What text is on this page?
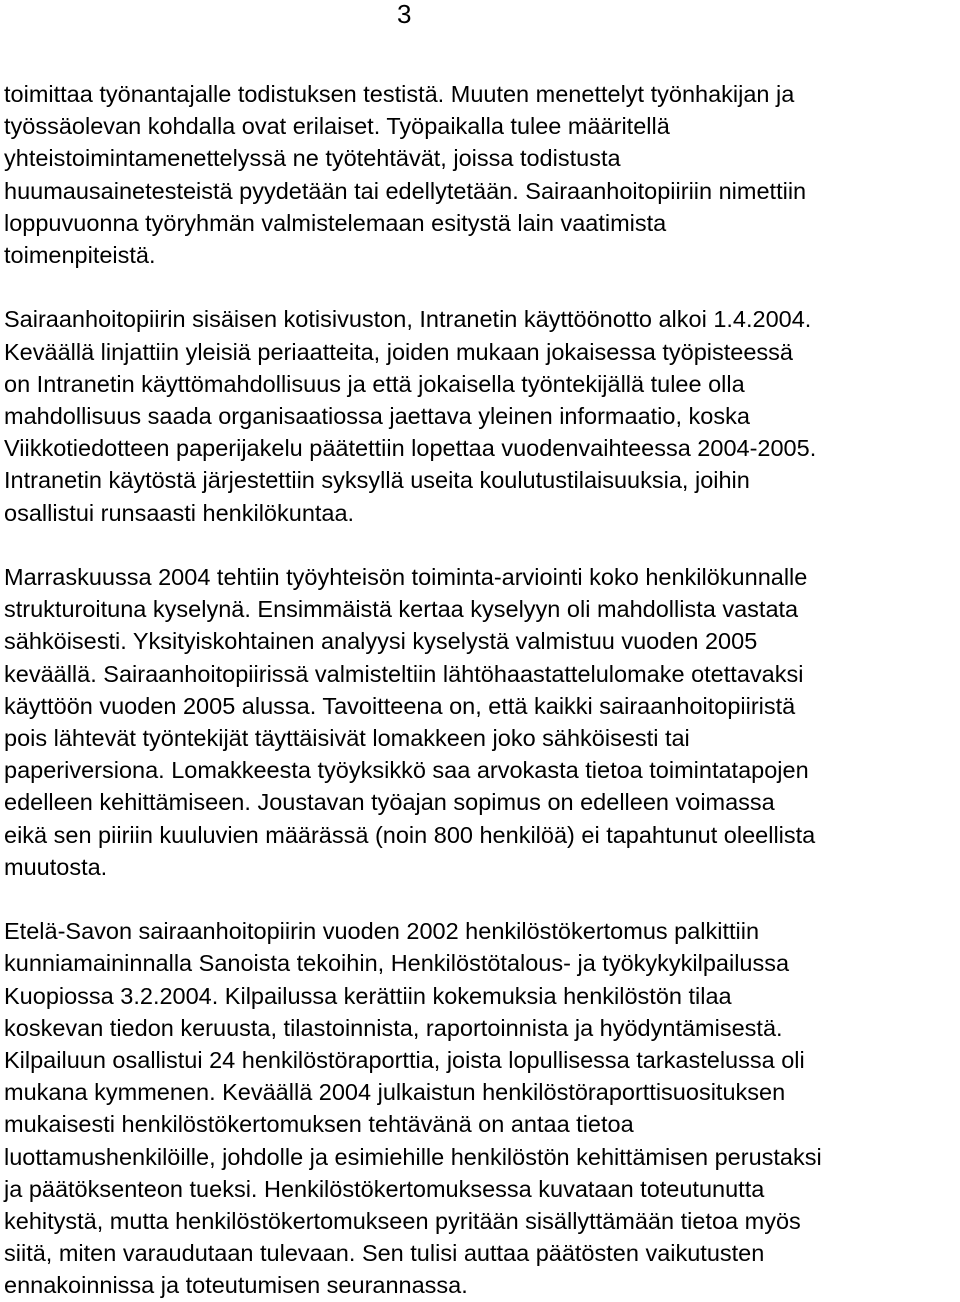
3
toimittaa työnantajalle todistuksen testistä. Muuten menettelyt työnhakijan ja
työssäolevan kohdalla ovat erilaiset. Työpaikalla tulee määritellä
yhteistoimintamenettelyssä ne työtehtävät, joissa todistusta
huumausainetesteistä pyydetään tai edellytetään. Sairaanhoitopiiriin nimettiin
loppuvuonna työryhmän valmistelemaan esitystä lain vaatimista
toimenpiteistä.
Sairaanhoitopiirin sisäisen kotisivuston, Intranetin käyttöönotto alkoi 1.4.2004.
Keväällä linjattiin yleisiä periaatteita, joiden mukaan jokaisessa työpisteessä
on Intranetin käyttömahdollisuus ja että jokaisella työntekijällä tulee olla
mahdollisuus saada organisaatiossa jaettava yleinen informaatio, koska
Viikkotiedotteen paperijakelu päätettiin lopettaa vuodenvaihteessa 2004-2005.
Intranetin käytöstä järjestettiin syksyllä useita koulutustilaisuuksia, joihin
osallistui runsaasti henkilökuntaa.
Marraskuussa 2004 tehtiin työyhteisön toiminta-arviointi koko henkilökunnalle
strukturoituna kyselynä. Ensimmäistä kertaa kyselyyn oli mahdollista vastata
sähköisesti. Yksityiskohtainen analyysi kyselystä valmistuu vuoden 2005
keväällä. Sairaanhoitopiirissä valmisteltiin lähtöhaastattelulomake otettavaksi
käyttöön vuoden 2005 alussa. Tavoitteena on, että kaikki sairaanhoitopiiristä
pois lähtevät työntekijät täyttäisivät lomakkeen joko sähköisesti tai
paperiversiona. Lomakkeesta työyksikkö saa arvokasta tietoa toimintatapojen
edelleen kehittämiseen. Joustavan työajan sopimus on edelleen voimassa
eikä sen piiriin kuuluvien määrässä (noin 800 henkilöä) ei tapahtunut oleellista
muutosta.
Etelä-Savon sairaanhoitopiirin vuoden 2002 henkilöstökertomus palkittiin
kunniamaininnalla Sanoista tekoihin, Henkilöstötalous- ja työkykykilpailussa
Kuopiossa 3.2.2004. Kilpailussa kerättiin kokemuksia henkilöstön tilaa
koskevan tiedon keruusta, tilastoinnista, raportoinnista ja hyödyntämisestä.
Kilpailuun osallistui 24 henkilöstöraporttia, joista lopullisessa tarkastelussa oli
mukana kymmenen. Keväällä 2004 julkaistun henkilöstöraporttisuosituksen
mukaisesti henkilöstökertomuksen tehtävänä on antaa tietoa
luottamushenkilöille, johdolle ja esimiehille henkilöstön kehittämisen perustaksi
ja päätöksenteon tueksi. Henkilöstökertomuksessa kuvataan toteutunutta
kehitystä, mutta henkilöstökertomukseen pyritään sisällyttämään tietoa myös
siitä, miten varaudutaan tulevaan. Sen tulisi auttaa päätösten vaikutusten
ennakoinnissa ja toteutumisen seurannassa.
